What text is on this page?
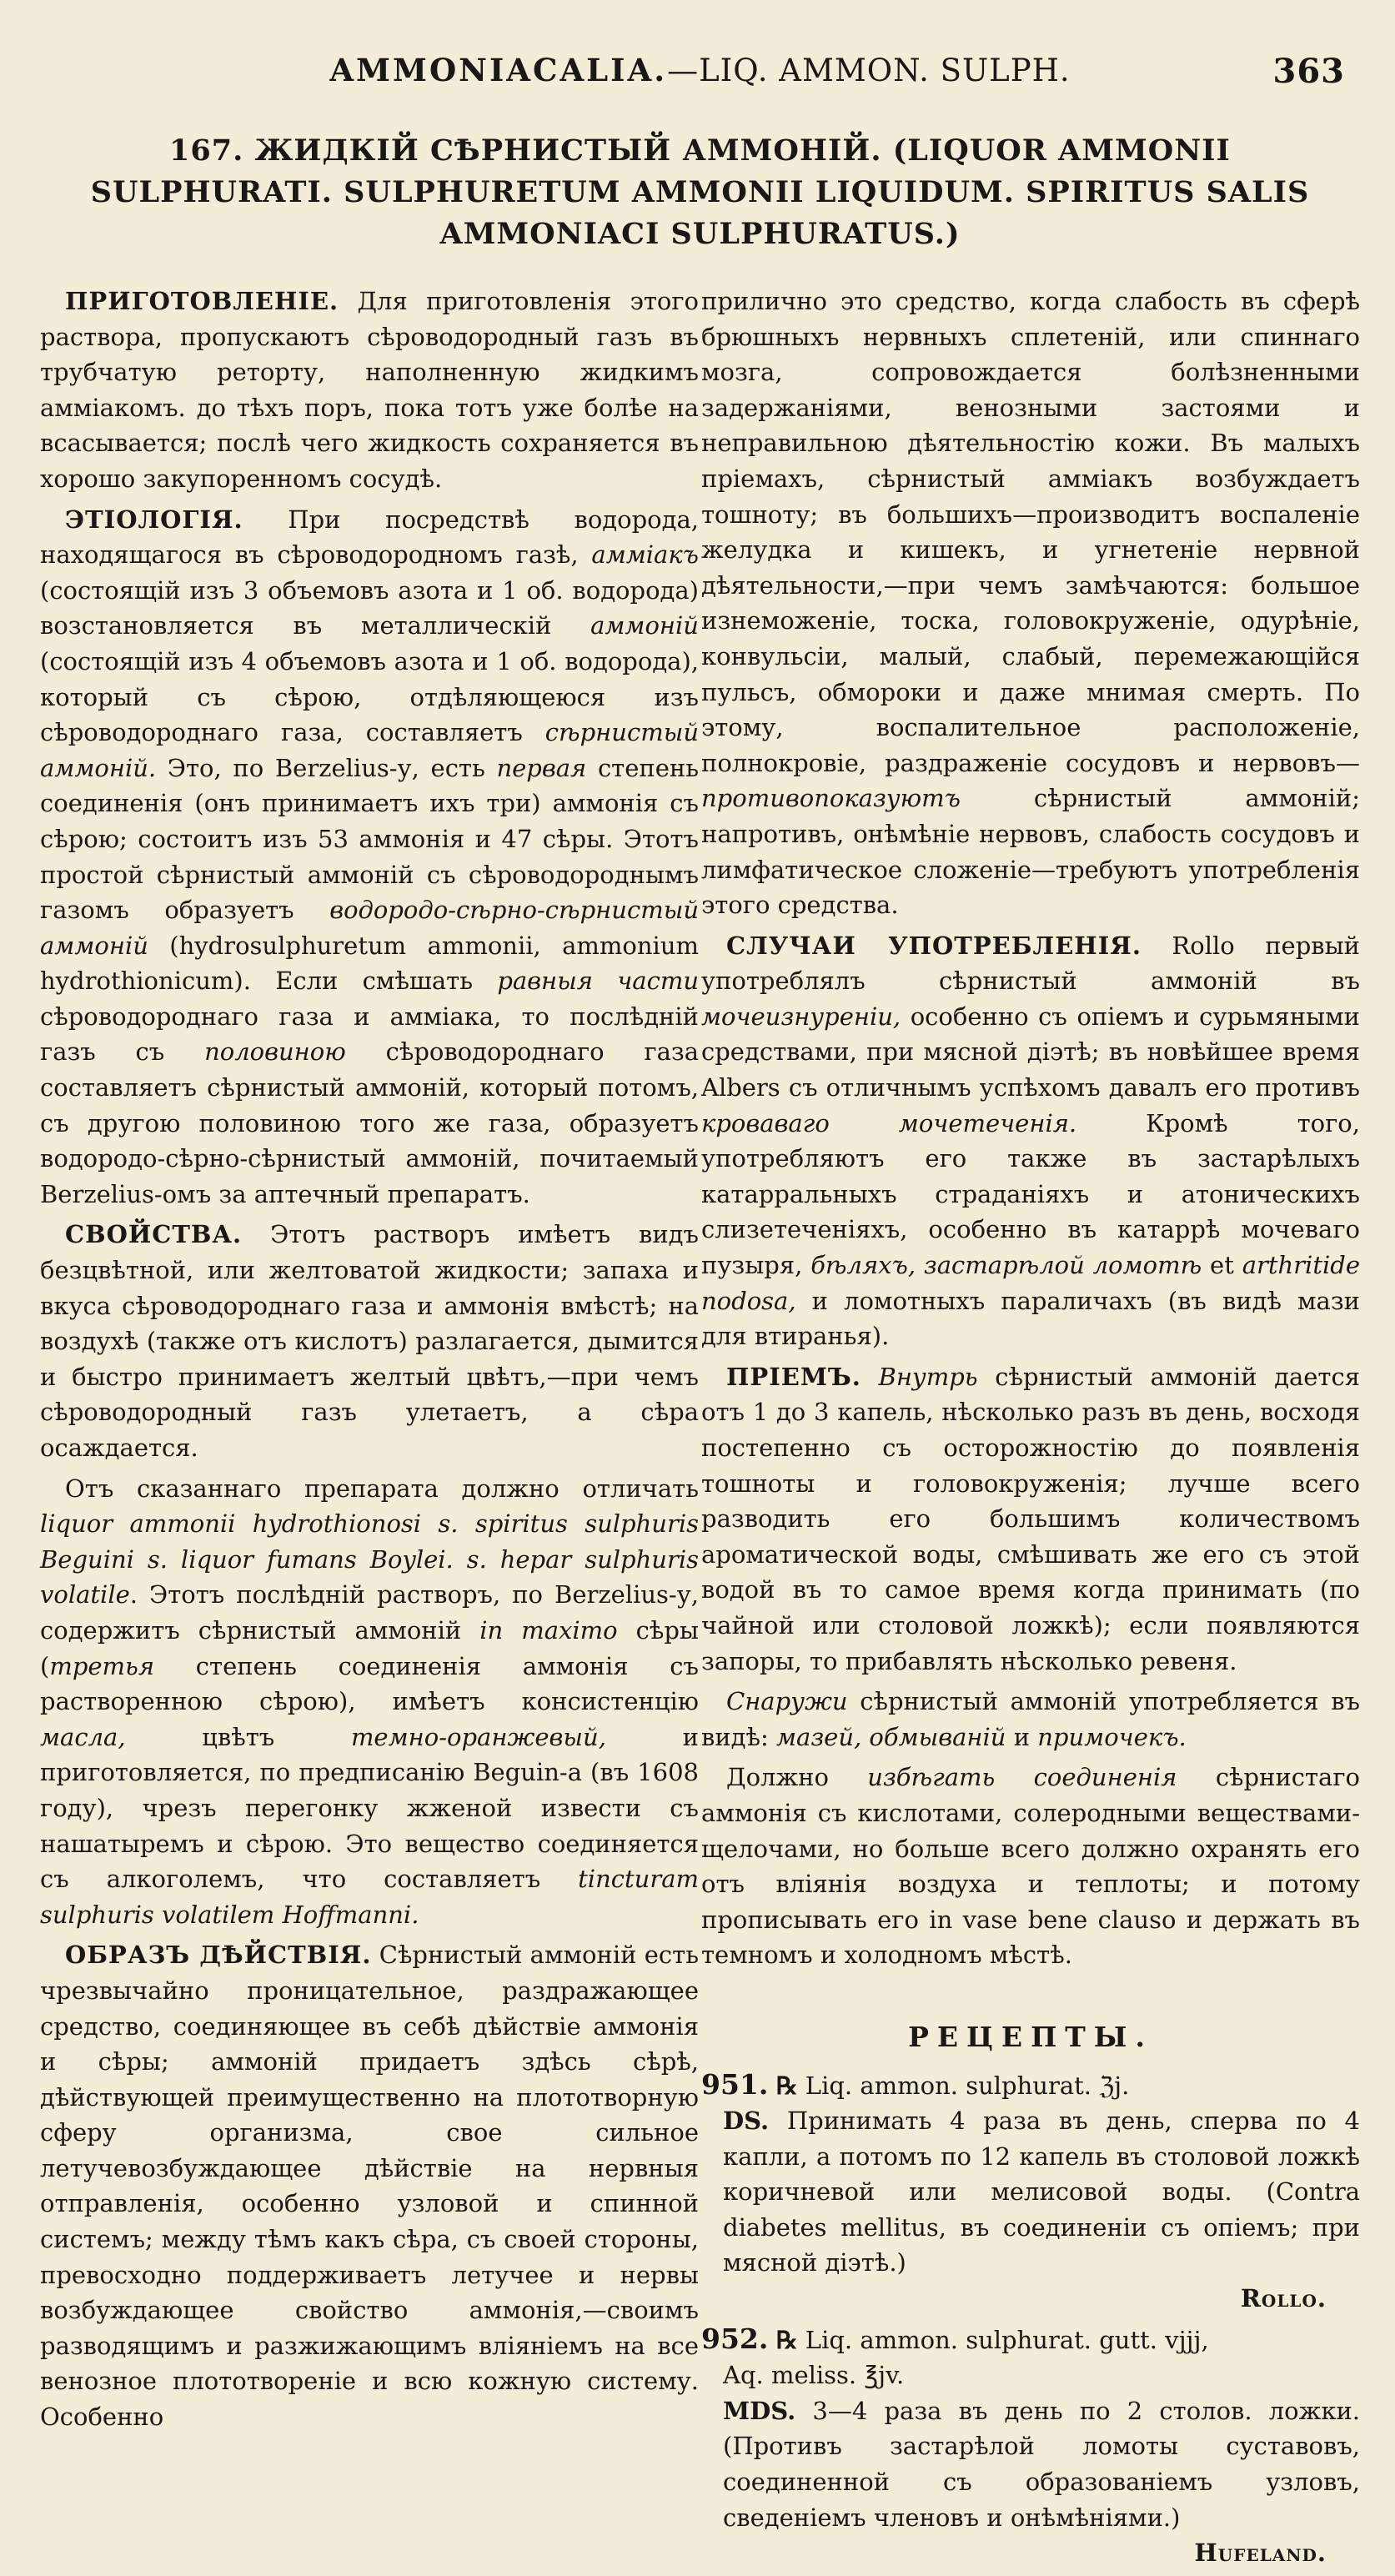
AMMONIACALIA.—LIQ. AMMON. SULPH.	363
167. ЖИДКІЙ СѢРНИСТЫЙ АММОНІЙ. (LIQUOR AMMONII SULPHURATI. SULPHURETUM AMMONII LIQUIDUM. SPIRITUS SALIS AMMONIACI SULPHURATUS.)

ПРИГОТОВЛЕНІЕ. Для приготовленія этого раствора, пропускаютъ сѣроводородный газъ въ трубчатую реторту, наполненную жидкимъ амміакомъ. до тѣхъ поръ, пока тотъ уже болѣе на всасывается; послѣ чего жидкость сохраняется въ хорошо закупоренномъ сосудѣ.

ЭТІОЛОГІЯ. При посредствѣ водорода, находящагося въ сѣроводородномъ газѣ, амміакъ (состоящій изъ 3 объемовъ азота и 1 об. водорода) возстановляется въ металлическій аммоній (состоящій изъ 4 объемовъ азота и 1 об. водорода), который съ сѣрою, отдѣляющеюся изъ сѣроводороднаго газа, составляетъ сѣрнистый аммоній. Это, по Berzelius-у, есть первая степень соединенія (онъ принимаетъ ихъ три) аммонія съ сѣрою; состоитъ изъ 53 аммонія и 47 сѣры. Этотъ простой сѣрнистый аммоній съ сѣроводороднымъ газомъ образуетъ водородо-сѣрно-сѣрнистый аммоній (hydrosulphuretum ammonii, ammonium hydrothionicum). Если смѣшать равныя части сѣроводороднаго газа и амміака, то послѣдній газъ съ половиною сѣроводороднаго газа составляетъ сѣрнистый аммоній, который потомъ, съ другою половиною того же газа, образуетъ водородо-сѣрно-сѣрнистый аммоній, почитаемый Berzelius-омъ за аптечный препаратъ.

СВОЙСТВА. Этотъ растворъ имѣетъ видъ безцвѣтной, или желтоватой жидкости; запаха и вкуса сѣроводороднаго газа и аммонія вмѣстѣ; на воздухѣ (также отъ кислотъ) разлагается, дымится и быстро принимаетъ желтый цвѣтъ,—при чемъ сѣроводородный газъ улетаетъ, а сѣра осаждается.

Отъ сказаннаго препарата должно отличать liquor ammonii hydrothionosi s. spiritus sulphuris Beguini s. liquor fumans Boylei. s. hepar sulphuris volatile. Этотъ послѣдній растворъ, по Berzelius-у, содержитъ сѣрнистый аммоній in maximo сѣры (третья степень соединенія аммонія съ растворенною сѣрою), имѣетъ консистенцію масла, цвѣтъ темно-оранжевый, и приготовляется, по предписанію Beguin-а (въ 1608 году), чрезъ перегонку жженой извести съ нашатыремъ и сѣрою. Это вещество соединяется съ алкоголемъ, что составляетъ tincturam sulphuris volatilem Hoffmanni.

ОБРАЗЪ ДѢЙСТВІЯ. Сѣрнистый аммоній есть чрезвычайно проницательное, раздражающее средство, соединяющее въ себѣ дѣйствіе аммонія и сѣры; аммоній придаетъ здѣсь сѣрѣ, дѣйствующей преимущественно на плототворную сферу организма, свое сильное летучевозбуждающее дѣйствіе на нервныя отправленія, особенно узловой и спинной системъ; между тѣмъ какъ сѣра, съ своей стороны, превосходно поддерживаетъ летучее и нервы возбуждающее свойство аммонія,—своимъ разводящимъ и разжижающимъ вліяніемъ на все венозное плототвореніе и всю кожную систему. Особенно

прилично это средство, когда слабость въ сферѣ брюшныхъ нервныхъ сплетеній, или спиннаго мозга, сопровождается болѣзненными задержаніями, венозными застоями и неправильною дѣятельностію кожи. Въ малыхъ пріемахъ, сѣрнистый амміакъ возбуждаетъ тошноту; въ большихъ—производитъ воспаленіе желудка и кишекъ, и угнетеніе нервной дѣятельности,—при чемъ замѣчаются: большое изнеможеніе, тоска, головокруженіе, одурѣніе, конвульсіи, малый, слабый, перемежающійся пульсъ, обмороки и даже мнимая смерть. По этому, воспалительное расположеніе, полнокровіе, раздраженіе сосудовъ и нервовъ—противопоказуютъ сѣрнистый аммоній; напротивъ, онѣмѣніе нервовъ, слабость сосудовъ и лимфатическое сложеніе—требуютъ употребленія этого средства.

СЛУЧАИ УПОТРЕБЛЕНІЯ. Rollo первый употреблялъ сѣрнистый аммоній въ мочеизнуреніи, особенно съ опіемъ и сурьмяными средствами, при мясной діэтѣ; въ новѣйшее время Albers съ отличнымъ успѣхомъ давалъ его противъ кроваваго мочетеченія. Кромѣ того, употребляютъ его также въ застарѣлыхъ катарральныхъ страданіяхъ и атоническихъ слизетеченіяхъ, особенно въ катаррѣ мочеваго пузыря, бѣляхъ, застарѣлой ломотѣ et arthritide nodosa, и ломотныхъ параличахъ (въ видѣ мази для втиранья).

ПРІЕМЪ. Внутрь сѣрнистый аммоній дается отъ 1 до 3 капель, нѣсколько разъ въ день, восходя постепенно съ осторожностію до появленія тошноты и головокруженія; лучше всего разводить его большимъ количествомъ ароматической воды, смѣшивать же его съ этой водой въ то самое время когда принимать (по чайной или столовой ложкѣ); если появляются запоры, то прибавлять нѣсколько ревеня.

Снаружи сѣрнистый аммоній употребляется въ видѣ: мазей, обмыванiй и примочекъ.

Должно избѣгать соединенія сѣрнистаго аммонія съ кислотами, солеродными веществами-щелочами, но больше всего должно охранять его отъ вліянія воздуха и теплоты; и потому прописывать его in vase bene clauso и держать въ темномъ и холодномъ мѣстѣ.

РЕЦЕПТЫ.
951. ℞ Liq. ammon. sulphurat. ℨj.
DS. Принимать 4 раза въ день, сперва по 4 капли, а потомъ по 12 капель въ столовой ложкѣ коричневой или мелисовой воды. (Contra diabetes mellitus, въ соединеніи съ опіемъ; при мясной діэтѣ.)
Rollo.
952. ℞ Liq. ammon. sulphurat. gutt. vjjj,
Aq. meliss. ℥jv.
MDS. 3—4 раза въ день по 2 столов. ложки. (Противъ застарѣлой ломоты суставовъ, соединенной съ образованіемъ узловъ, сведеніемъ членовъ и онѣмѣніями.)
Hufeland.
